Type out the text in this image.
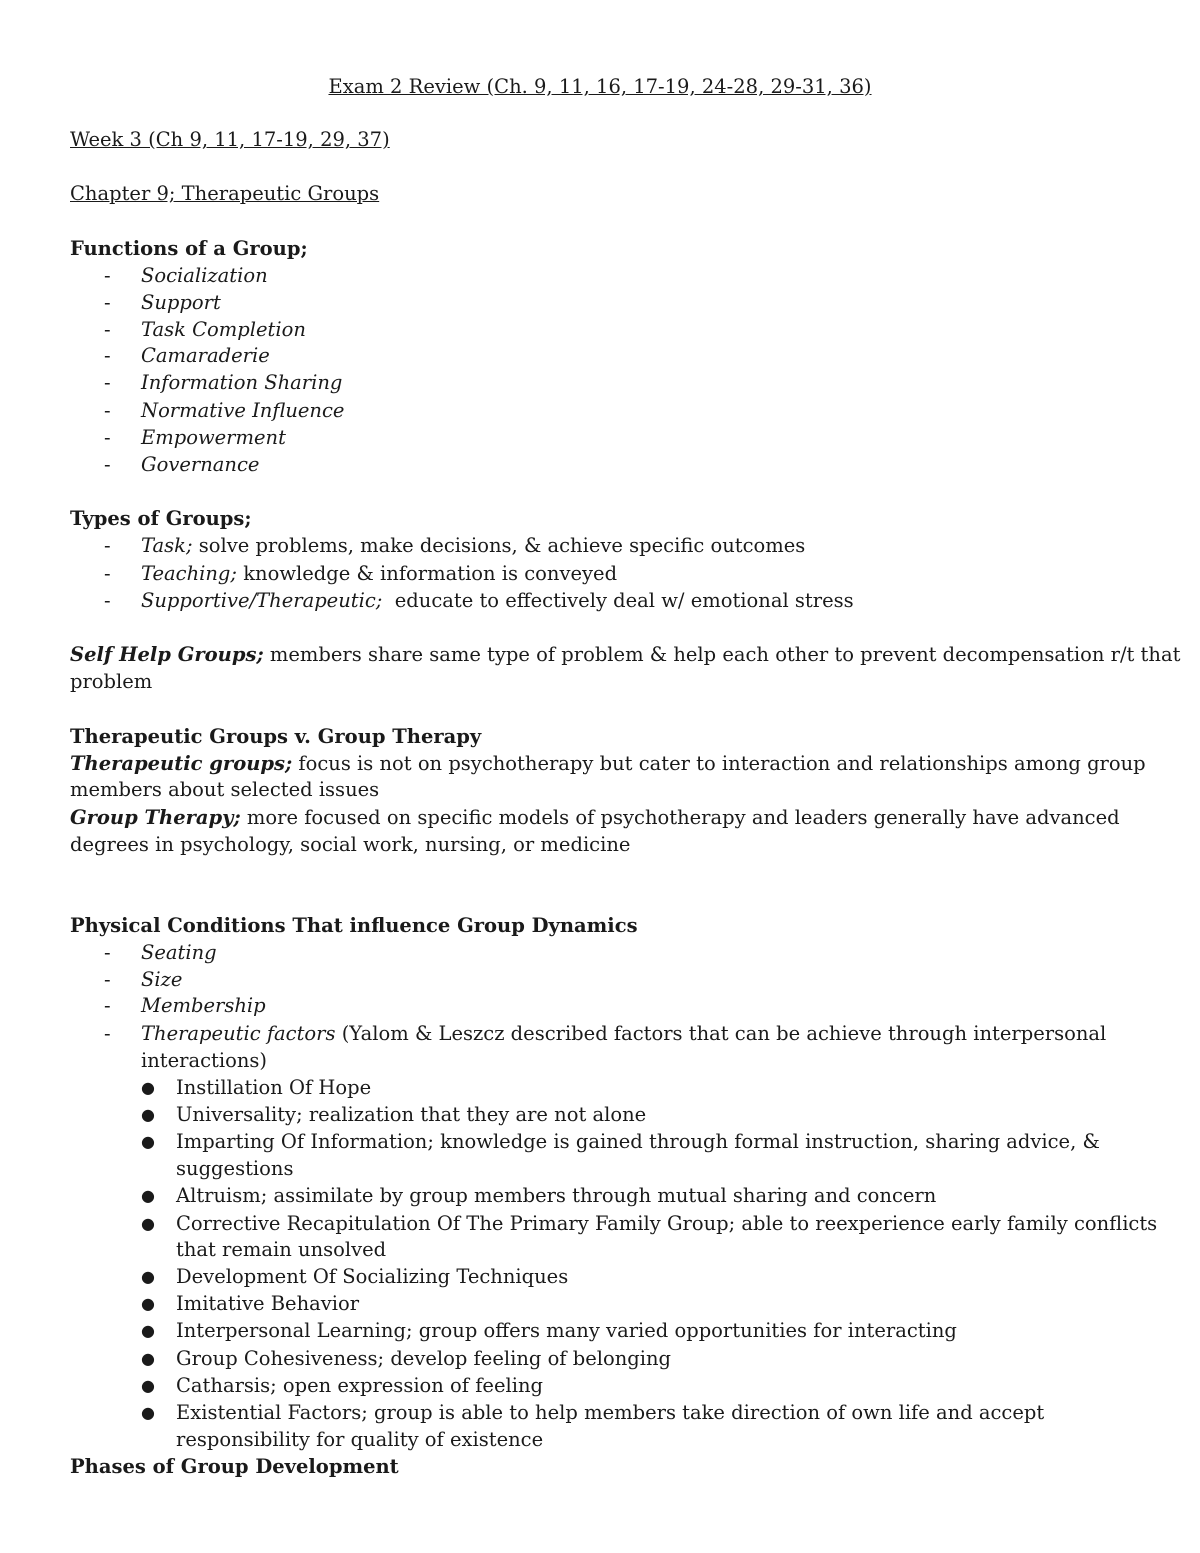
Exam 2 Review (Ch. 9, 11, 16, 17-19, 24-28, 29-31, 36)
Week 3 (Ch 9, 11, 17-19, 29, 37)
Chapter 9; Therapeutic Groups
Functions of a Group;
- Socialization
- Support
- Task Completion
- Camaraderie
- Information Sharing
- Normative Influence
- Empowerment
- Governance
Types of Groups;
- Task; solve problems, make decisions, & achieve specific outcomes
- Teaching; knowledge & information is conveyed
- Supportive/Therapeutic;  educate to effectively deal w/ emotional stress
Self Help Groups; members share same type of problem & help each other to prevent decompensation r/t that
problem
Therapeutic Groups v. Group Therapy
Therapeutic groups; focus is not on psychotherapy but cater to interaction and relationships among group
members about selected issues
Group Therapy; more focused on specific models of psychotherapy and leaders generally have advanced
degrees in psychology, social work, nursing, or medicine
Physical Conditions That influence Group Dynamics
- Seating
- Size
- Membership
- Therapeutic factors (Yalom & Leszcz described factors that can be achieve through interpersonal
interactions)
● Instillation Of Hope
● Universality; realization that they are not alone
● Imparting Of Information; knowledge is gained through formal instruction, sharing advice, &
suggestions
● Altruism; assimilate by group members through mutual sharing and concern
● Corrective Recapitulation Of The Primary Family Group; able to reexperience early family conflicts
that remain unsolved
● Development Of Socializing Techniques
● Imitative Behavior
● Interpersonal Learning; group offers many varied opportunities for interacting
● Group Cohesiveness; develop feeling of belonging
● Catharsis; open expression of feeling
● Existential Factors; group is able to help members take direction of own life and accept
responsibility for quality of existence
Phases of Group Development
